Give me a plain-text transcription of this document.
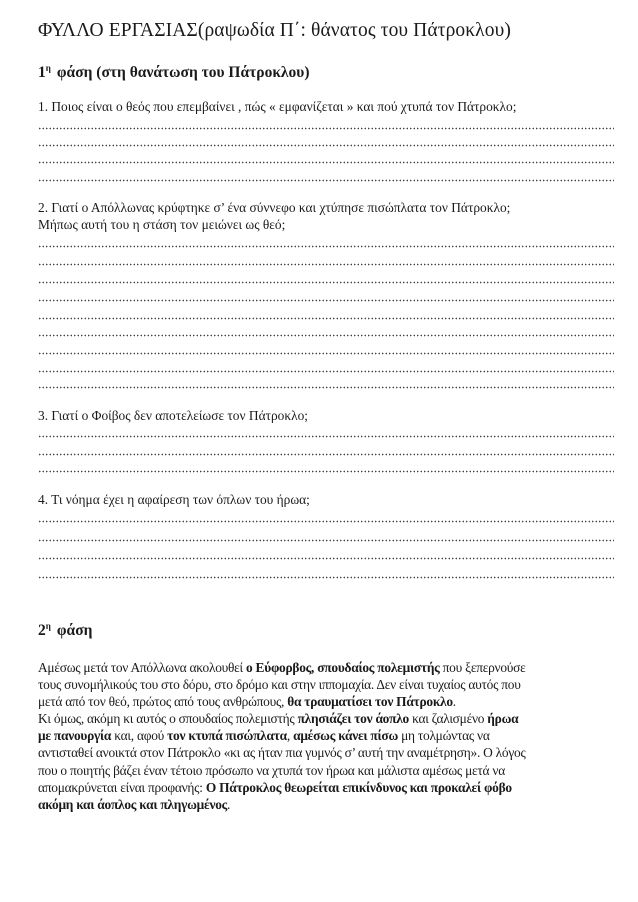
ΦΥΛΛΟ ΕΡΓΑΣΙΑΣ(ραψωδία Π΄: θάνατος του Πάτροκλου)
$1^\eta$ φάση (στη θανάτωση του Πάτροκλου)
1. Ποιος είναι ο θεός που επεμβαίνει , πώς « εμφανίζεται » και πού χτυπά τον Πάτροκλο;
2. Γιατί ο Απόλλωνας κρύφτηκε σ’ ένα σύννεφο και χτύπησε πισώπλατα τον Πάτροκλο;
Μήπως αυτή του η στάση τον μειώνει ως θεό;
3. Γιατί ο Φοίβος δεν αποτελείωσε τον Πάτροκλο;
4. Τι νόημα έχει η αφαίρεση των όπλων του ήρωα;
$2^\eta$ φάση
Αμέσως μετά τον Απόλλωνα ακολουθεί ο Εύφορβος, σπουδαίος πολεμιστής που ξεπερνούσε
τους συνομήλικούς του στο δόρυ, στο δρόμο και στην ιππομαχία. Δεν είναι τυχαίος αυτός που
μετά από τον θεό, πρώτος από τους ανθρώπους, θα τραυματίσει τον Πάτροκλο.
Κι όμως, ακόμη κι αυτός ο σπουδαίος πολεμιστής πλησιάζει τον άοπλο και ζαλισμένο ήρωα
με πανουργία και, αφού τον κτυπά πισώπλατα, αμέσως κάνει πίσω μη τολμώντας να
αντισταθεί ανοικτά στον Πάτροκλο «κι ας ήταν πια γυμνός σ’ αυτή την αναμέτρηση». Ο λόγος
που ο ποιητής βάζει έναν τέτοιο πρόσωπο να χτυπά τον ήρωα και μάλιστα αμέσως μετά να
απομακρύνεται είναι προφανής: Ο Πάτροκλος θεωρείται επικίνδυνος και προκαλεί φόβο
ακόμη και άοπλος και πληγωμένος.
